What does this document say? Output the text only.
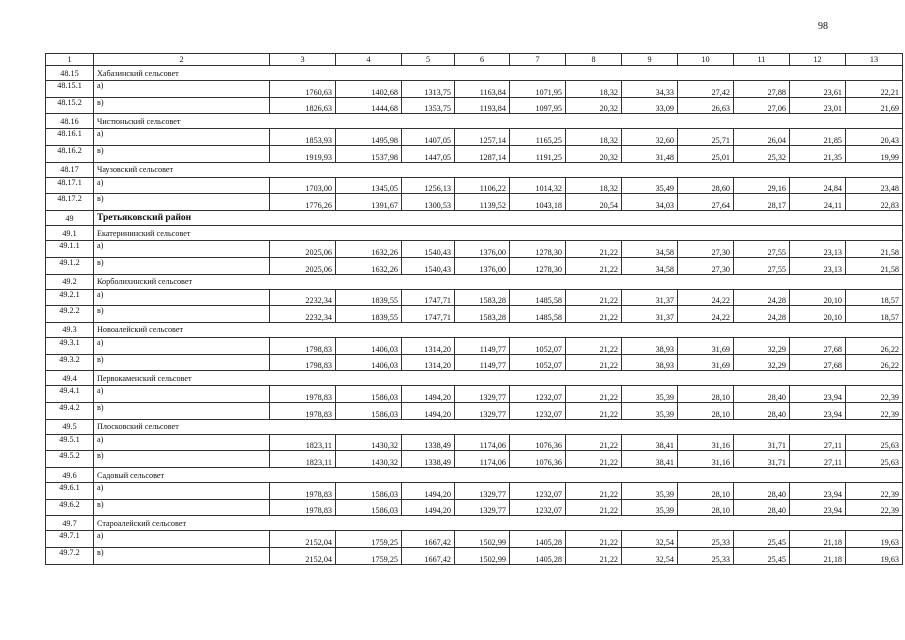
98
1	2	3	4	5	6	7	8	9	10	11	12	13
48.15	Хабазинский сельсовет											
48.15.1	а)	1760,63	1402,68	1313,75	1163,84	1071,95	18,32	34,33	27,42	27,88	23,61	22,21
48.15.2	в)	1826,63	1444,68	1353,75	1193,84	1097,95	20,32	33,09	26,63	27,06	23,01	21,69
48.16	Чистюньский сельсовет											
48.16.1	а)	1853,93	1495,98	1407,05	1257,14	1165,25	18,32	32,60	25,71	26,04	21,85	20,43
48.16.2	в)	1919,93	1537,98	1447,05	1287,14	1191,25	20,32	31,48	25,01	25,32	21,35	19,99
48.17	Чаузовский сельсовет											
48.17.1	а)	1703,00	1345,05	1256,13	1106,22	1014,32	18,32	35,49	28,60	29,16	24,84	23,48
48.17.2	в)	1776,26	1391,67	1300,53	1139,52	1043,18	20,54	34,03	27,64	28,17	24,11	22,83
49	Третьяковский район											
49.1	Екатерининский сельсовет											
49.1.1	а)	2025,06	1632,26	1540,43	1376,00	1278,30	21,22	34,58	27,30	27,55	23,13	21,58
49.1.2	в)	2025,06	1632,26	1540,43	1376,00	1278,30	21,22	34,58	27,30	27,55	23,13	21,58
49.2	Корболихинский сельсовет											
49.2.1	а)	2232,34	1839,55	1747,71	1583,28	1485,58	21,22	31,37	24,22	24,28	20,10	18,57
49.2.2	в)	2232,34	1839,55	1747,71	1583,28	1485,58	21,22	31,37	24,22	24,28	20,10	18,57
49.3	Новоалейский сельсовет											
49.3.1	а)	1798,83	1406,03	1314,20	1149,77	1052,07	21,22	38,93	31,69	32,29	27,68	26,22
49.3.2	в)	1798,83	1406,03	1314,20	1149,77	1052,07	21,22	38,93	31,69	32,29	27,68	26,22
49.4	Первокаменский сельсовет											
49.4.1	а)	1978,83	1586,03	1494,20	1329,77	1232,07	21,22	35,39	28,10	28,40	23,94	22,39
49.4.2	в)	1978,83	1586,03	1494,20	1329,77	1232,07	21,22	35,39	28,10	28,40	23,94	22,39
49.5	Плосковский сельсовет											
49.5.1	а)	1823,11	1430,32	1338,49	1174,06	1076,36	21,22	38,41	31,16	31,71	27,11	25,63
49.5.2	в)	1823,11	1430,32	1338,49	1174,06	1076,36	21,22	38,41	31,16	31,71	27,11	25,63
49.6	Садовый сельсовет											
49.6.1	а)	1978,83	1586,03	1494,20	1329,77	1232,07	21,22	35,39	28,10	28,40	23,94	22,39
49.6.2	в)	1978,83	1586,03	1494,20	1329,77	1232,07	21,22	35,39	28,10	28,40	23,94	22,39
49.7	Староалейский сельсовет											
49.7.1	а)	2152,04	1759,25	1667,42	1502,99	1405,28	21,22	32,54	25,33	25,45	21,18	19,63
49.7.2	в)	2152,04	1759,25	1667,42	1502,99	1405,28	21,22	32,54	25,33	25,45	21,18	19,63
